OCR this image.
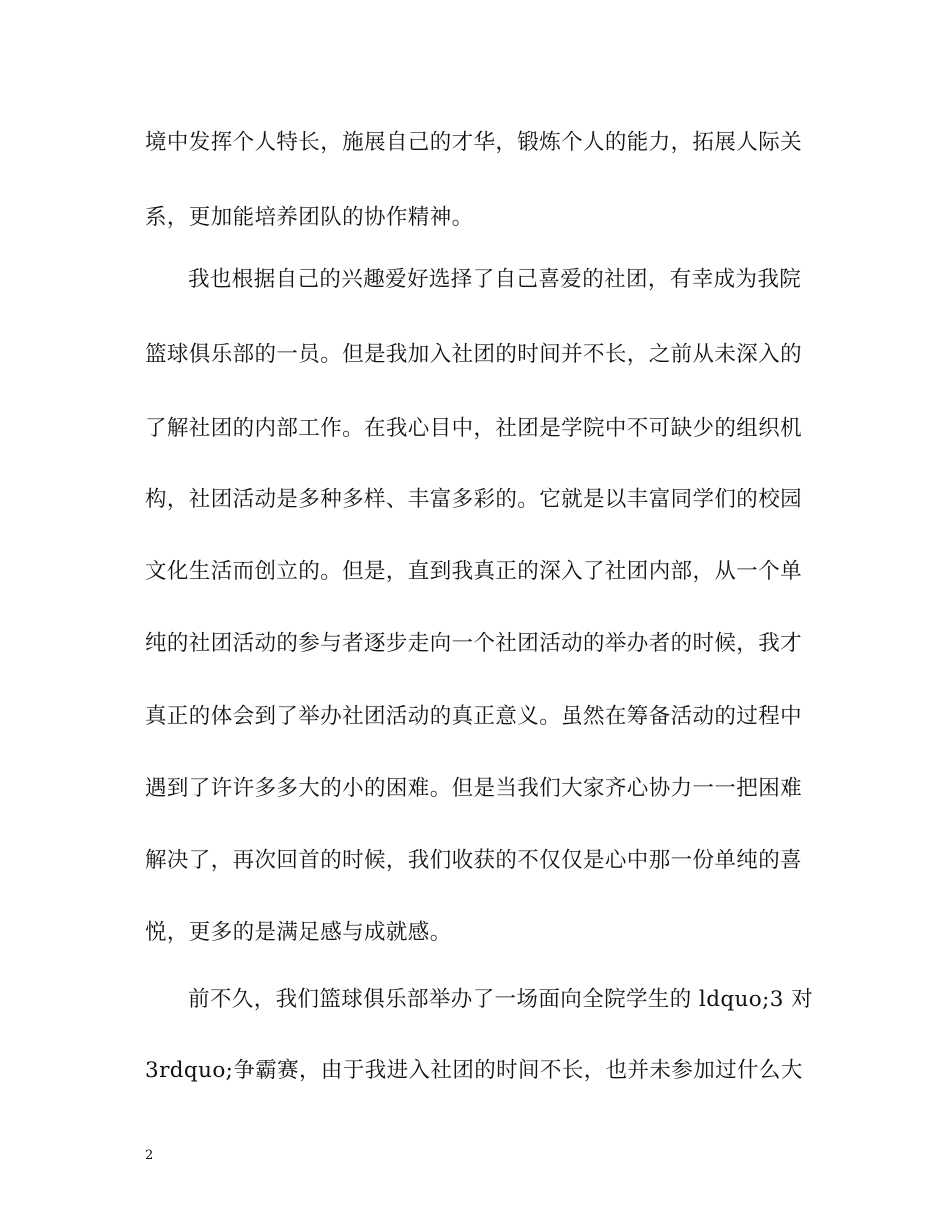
境中发挥个人特长，施展自己的才华，锻炼个人的能力，拓展人际关
系，更加能培养团队的协作精神。
我也根据自己的兴趣爱好选择了自己喜爱的社团，有幸成为我院
篮球俱乐部的一员。但是我加入社团的时间并不长，之前从未深入的
了解社团的内部工作。在我心目中，社团是学院中不可缺少的组织机
构，社团活动是多种多样、丰富多彩的。它就是以丰富同学们的校园
文化生活而创立的。但是，直到我真正的深入了社团内部，从一个单
纯的社团活动的参与者逐步走向一个社团活动的举办者的时候，我才
真正的体会到了举办社团活动的真正意义。虽然在筹备活动的过程中
遇到了许许多多大的小的困难。但是当我们大家齐心协力一一把困难
解决了，再次回首的时候，我们收获的不仅仅是心中那一份单纯的喜
悦，更多的是满足感与成就感。
前不久，我们篮球俱乐部举办了一场面向全院学生的 ldquo;3 对
3rdquo;争霸赛，由于我进入社团的时间不长，也并未参加过什么大
2
